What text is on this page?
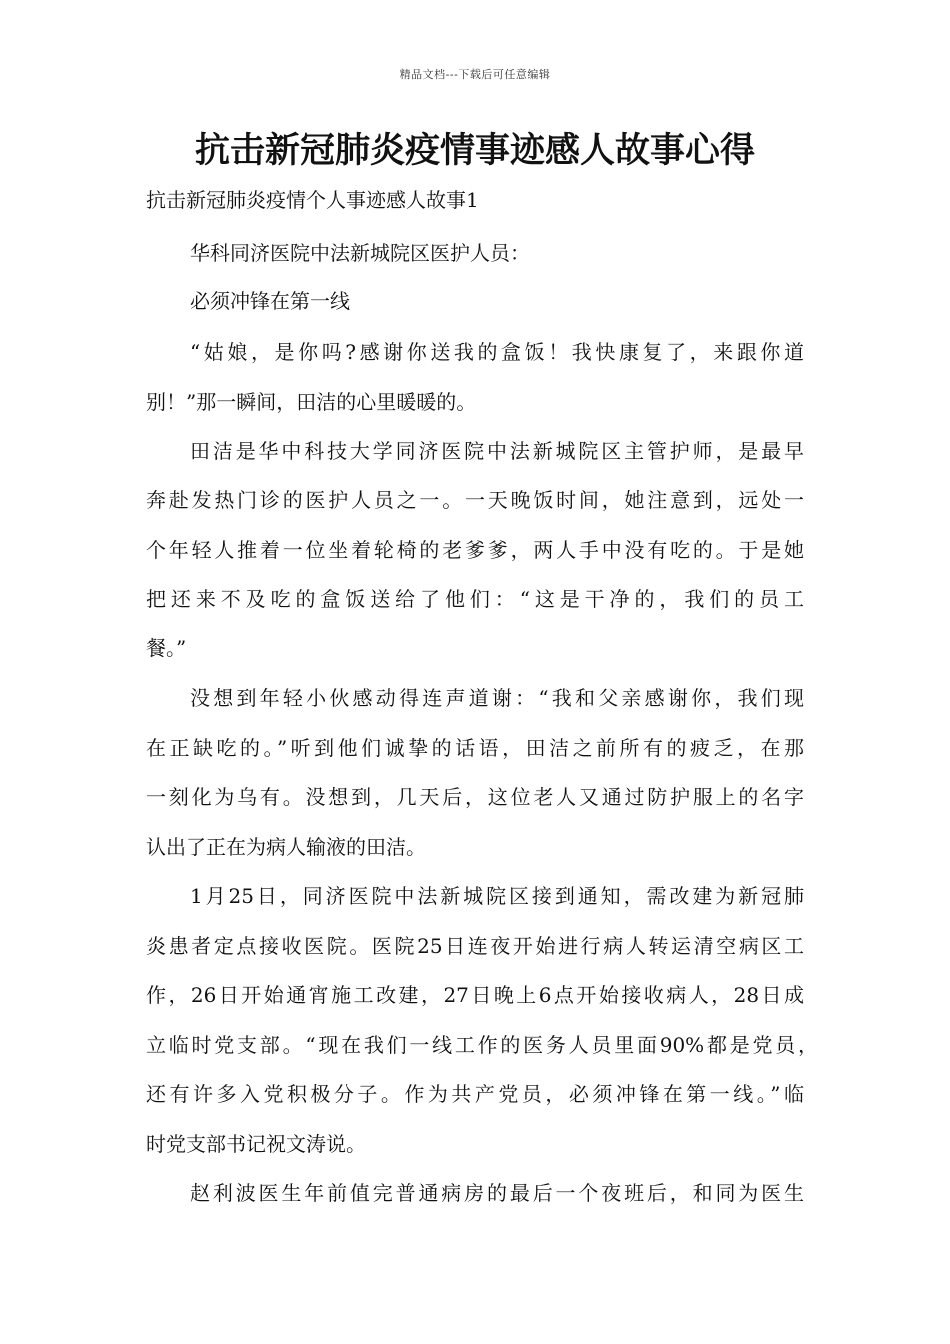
精品文档---下载后可任意编辑
抗击新冠肺炎疫情事迹感人故事心得
抗击新冠肺炎疫情个人事迹感人故事1
华科同济医院中法新城院区医护人员：
必须冲锋在第一线
“姑娘，是你吗?感谢你送我的盒饭！我快康复了，来跟你道
别！”那一瞬间，田洁的心里暖暖的。
田洁是华中科技大学同济医院中法新城院区主管护师，是最早
奔赴发热门诊的医护人员之一。一天晚饭时间，她注意到，远处一
个年轻人推着一位坐着轮椅的老爹爹，两人手中没有吃的。于是她
把还来不及吃的盒饭送给了他们：“这是干净的，我们的员工
餐。”
没想到年轻小伙感动得连声道谢：“我和父亲感谢你，我们现
在正缺吃的。”听到他们诚挚的话语，田洁之前所有的疲乏，在那
一刻化为乌有。没想到，几天后，这位老人又通过防护服上的名字
认出了正在为病人输液的田洁。
1月25日，同济医院中法新城院区接到通知，需改建为新冠肺
炎患者定点接收医院。医院25日连夜开始进行病人转运清空病区工
作，26日开始通宵施工改建，27日晚上6点开始接收病人，28日成
立临时党支部。“现在我们一线工作的医务人员里面90%都是党员，
还有许多入党积极分子。作为共产党员，必须冲锋在第一线。”临
时党支部书记祝文涛说。
赵利波医生年前值完普通病房的最后一个夜班后，和同为医生
